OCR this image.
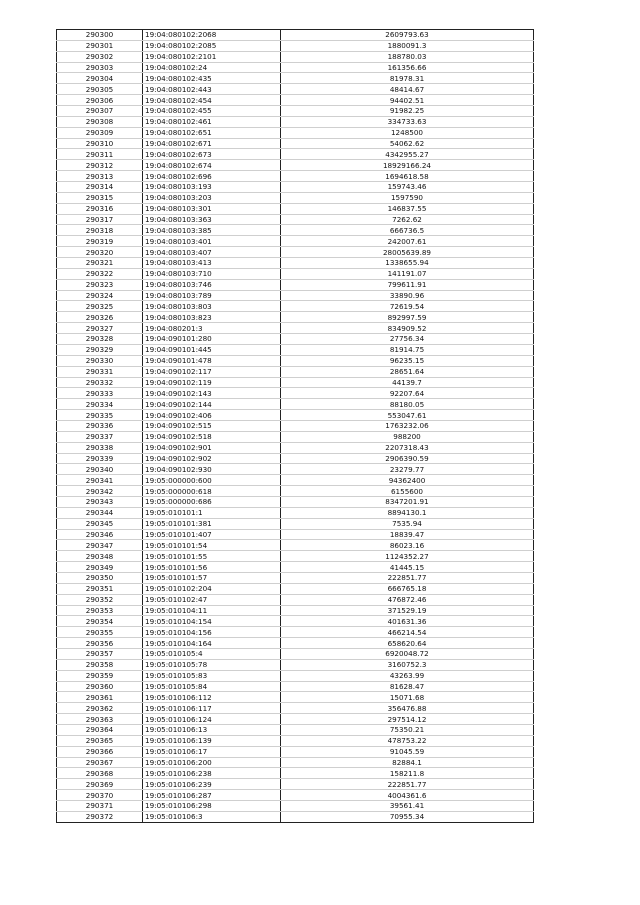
290300	19:04:080102:2068	2609793.63
290301	19:04:080102:2085	1880091.3
290302	19:04:080102:2101	188780.03
290303	19:04:080102:24	161356.66
290304	19:04:080102:435	81978.31
290305	19:04:080102:443	48414.67
290306	19:04:080102:454	94402.51
290307	19:04:080102:455	91982.25
290308	19:04:080102:461	334733.63
290309	19:04:080102:651	1248500
290310	19:04:080102:671	54062.62
290311	19:04:080102:673	4342955.27
290312	19:04:080102:674	18929166.24
290313	19:04:080102:696	1694618.58
290314	19:04:080103:193	159743.46
290315	19:04:080103:203	1597590
290316	19:04:080103:301	146837.55
290317	19:04:080103:363	7262.62
290318	19:04:080103:385	666736.5
290319	19:04:080103:401	242007.61
290320	19:04:080103:407	28005639.89
290321	19:04:080103:413	1338655.94
290322	19:04:080103:710	141191.07
290323	19:04:080103:746	799611.91
290324	19:04:080103:789	33890.96
290325	19:04:080103:803	72619.54
290326	19:04:080103:823	892997.59
290327	19:04:080201:3	834909.52
290328	19:04:090101:280	27756.34
290329	19:04:090101:445	81914.75
290330	19:04:090101:478	96235.15
290331	19:04:090102:117	28651.64
290332	19:04:090102:119	44139.7
290333	19:04:090102:143	92207.64
290334	19:04:090102:144	88180.05
290335	19:04:090102:406	553047.61
290336	19:04:090102:515	1763232.06
290337	19:04:090102:518	988200
290338	19:04:090102:901	2207318.43
290339	19:04:090102:902	2906390.59
290340	19:04:090102:930	23279.77
290341	19:05:000000:600	94362400
290342	19:05:000000:618	6155600
290343	19:05:000000:686	8347201.91
290344	19:05:010101:1	8894130.1
290345	19:05:010101:381	7535.94
290346	19:05:010101:407	18839.47
290347	19:05:010101:54	86023.16
290348	19:05:010101:55	1124352.27
290349	19:05:010101:56	41445.15
290350	19:05:010101:57	222851.77
290351	19:05:010102:204	666765.18
290352	19:05:010102:47	476872.46
290353	19:05:010104:11	371529.19
290354	19:05:010104:154	401631.36
290355	19:05:010104:156	466214.54
290356	19:05:010104:164	658620.64
290357	19:05:010105:4	6920048.72
290358	19:05:010105:78	3160752.3
290359	19:05:010105:83	43263.99
290360	19:05:010105:84	81628.47
290361	19:05:010106:112	15071.68
290362	19:05:010106:117	356476.88
290363	19:05:010106:124	297514.12
290364	19:05:010106:13	75350.21
290365	19:05:010106:139	478753.22
290366	19:05:010106:17	91045.59
290367	19:05:010106:200	82884.1
290368	19:05:010106:238	158211.8
290369	19:05:010106:239	222851.77
290370	19:05:010106:287	4004361.6
290371	19:05:010106:298	39561.41
290372	19:05:010106:3	70955.34
